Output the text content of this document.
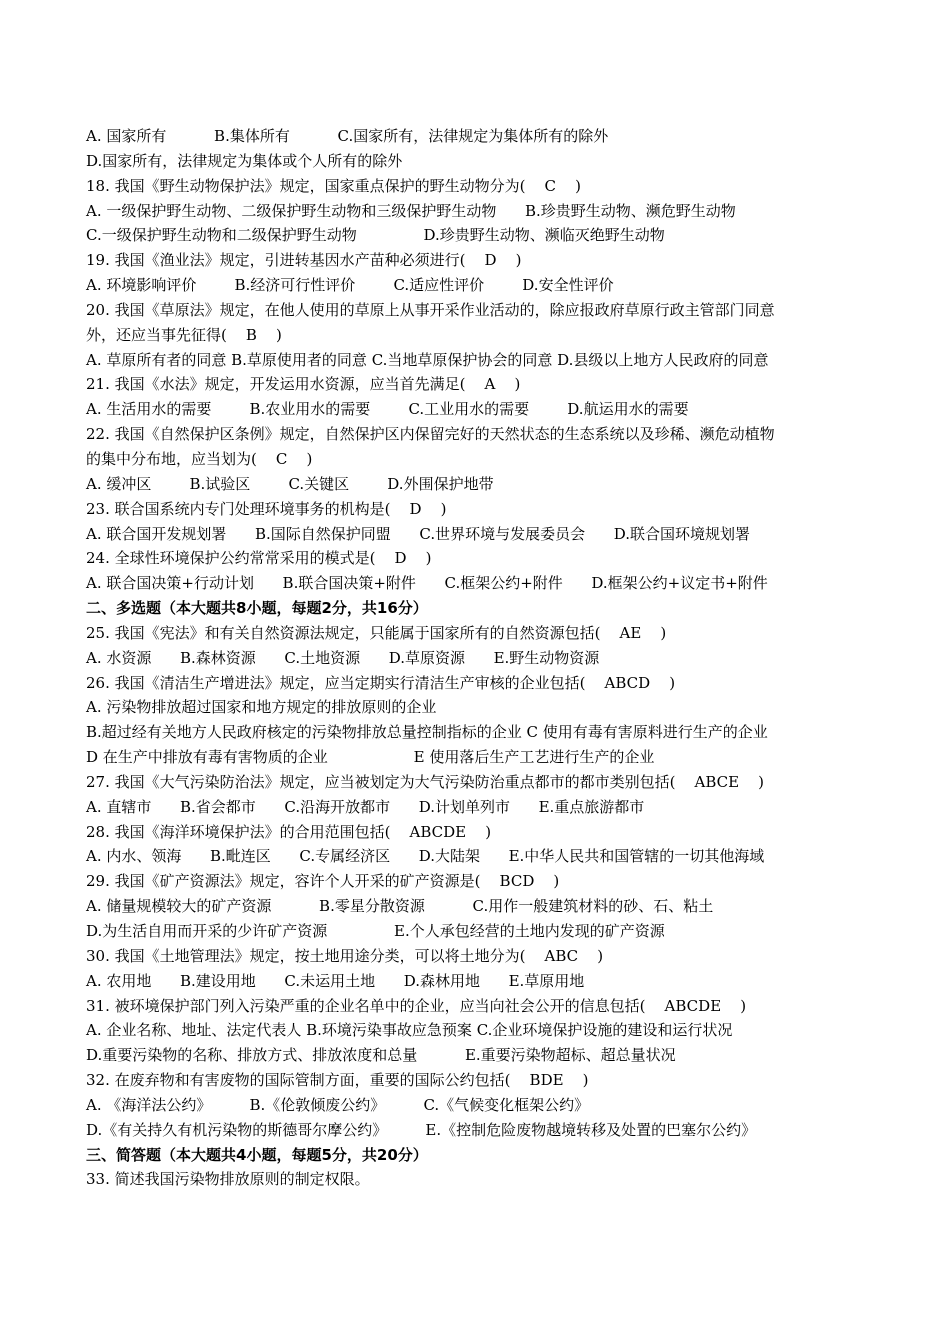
A. 国家所有          B.集体所有          C.国家所有，法律规定为集体所有的除外
D.国家所有，法律规定为集体或个人所有的除外
18. 我国《野生动物保护法》规定，国家重点保护的野生动物分为(    C    )
A. 一级保护野生动物、二级保护野生动物和三级保护野生动物      B.珍贵野生动物、濒危野生动物
C.一级保护野生动物和二级保护野生动物              D.珍贵野生动物、濒临灭绝野生动物
19. 我国《渔业法》规定，引进转基因水产苗种必须进行(    D    )
A. 环境影响评价        B.经济可行性评价        C.适应性评价        D.安全性评价
20. 我国《草原法》规定，在他人使用的草原上从事开采作业活动的，除应报政府草原行政主管部门同意
外，还应当事先征得(    B    )
A. 草原所有者的同意 B.草原使用者的同意 C.当地草原保护协会的同意 D.县级以上地方人民政府的同意
21. 我国《水法》规定，开发运用水资源，应当首先满足(    A    )
A. 生活用水的需要        B.农业用水的需要        C.工业用水的需要        D.航运用水的需要
22. 我国《自然保护区条例》规定，自然保护区内保留完好的天然状态的生态系统以及珍稀、濒危动植物
的集中分布地，应当划为(    C    )
A. 缓冲区        B.试验区        C.关键区        D.外围保护地带
23. 联合国系统内专门处理环境事务的机构是(    D    )
A. 联合国开发规划署      B.国际自然保护同盟      C.世界环境与发展委员会      D.联合国环境规划署
24. 全球性环境保护公约常常采用的模式是(    D    )
A. 联合国决策+行动计划      B.联合国决策+附件      C.框架公约+附件      D.框架公约+议定书+附件
二、多选题（本大题共8小题，每题2分，共16分）
25. 我国《宪法》和有关自然资源法规定，只能属于国家所有的自然资源包括(    AE    )
A. 水资源      B.森林资源      C.土地资源      D.草原资源      E.野生动物资源
26. 我国《清洁生产增进法》规定，应当定期实行清洁生产审核的企业包括(    ABCD    )
A. 污染物排放超过国家和地方规定的排放原则的企业
B.超过经有关地方人民政府核定的污染物排放总量控制指标的企业 C 使用有毒有害原料进行生产的企业
D 在生产中排放有毒有害物质的企业                  E 使用落后生产工艺进行生产的企业
27. 我国《大气污染防治法》规定，应当被划定为大气污染防治重点都市的都市类别包括(    ABCE    )
A. 直辖市      B.省会都市      C.沿海开放都市      D.计划单列市      E.重点旅游都市
28. 我国《海洋环境保护法》的合用范围包括(    ABCDE    )
A. 内水、领海      B.毗连区      C.专属经济区      D.大陆架      E.中华人民共和国管辖的一切其他海域
29. 我国《矿产资源法》规定，容许个人开采的矿产资源是(    BCD    )
A. 储量规模较大的矿产资源          B.零星分散资源          C.用作一般建筑材料的砂、石、粘土
D.为生活自用而开采的少许矿产资源              E.个人承包经营的土地内发现的矿产资源
30. 我国《土地管理法》规定，按土地用途分类，可以将土地分为(    ABC    )
A. 农用地      B.建设用地      C.未运用土地      D.森林用地      E.草原用地
31. 被环境保护部门列入污染严重的企业名单中的企业，应当向社会公开的信息包括(    ABCDE    )
A. 企业名称、地址、法定代表人 B.环境污染事故应急预案 C.企业环境保护设施的建设和运行状况
D.重要污染物的名称、排放方式、排放浓度和总量          E.重要污染物超标、超总量状况
32. 在废弃物和有害废物的国际管制方面，重要的国际公约包括(    BDE    )
A. 《海洋法公约》        B.《伦敦倾废公约》        C.《气候变化框架公约》
D.《有关持久有机污染物的斯德哥尔摩公约》        E.《控制危险废物越境转移及处置的巴塞尔公约》
三、简答题（本大题共4小题，每题5分，共20分）
33. 简述我国污染物排放原则的制定权限。
